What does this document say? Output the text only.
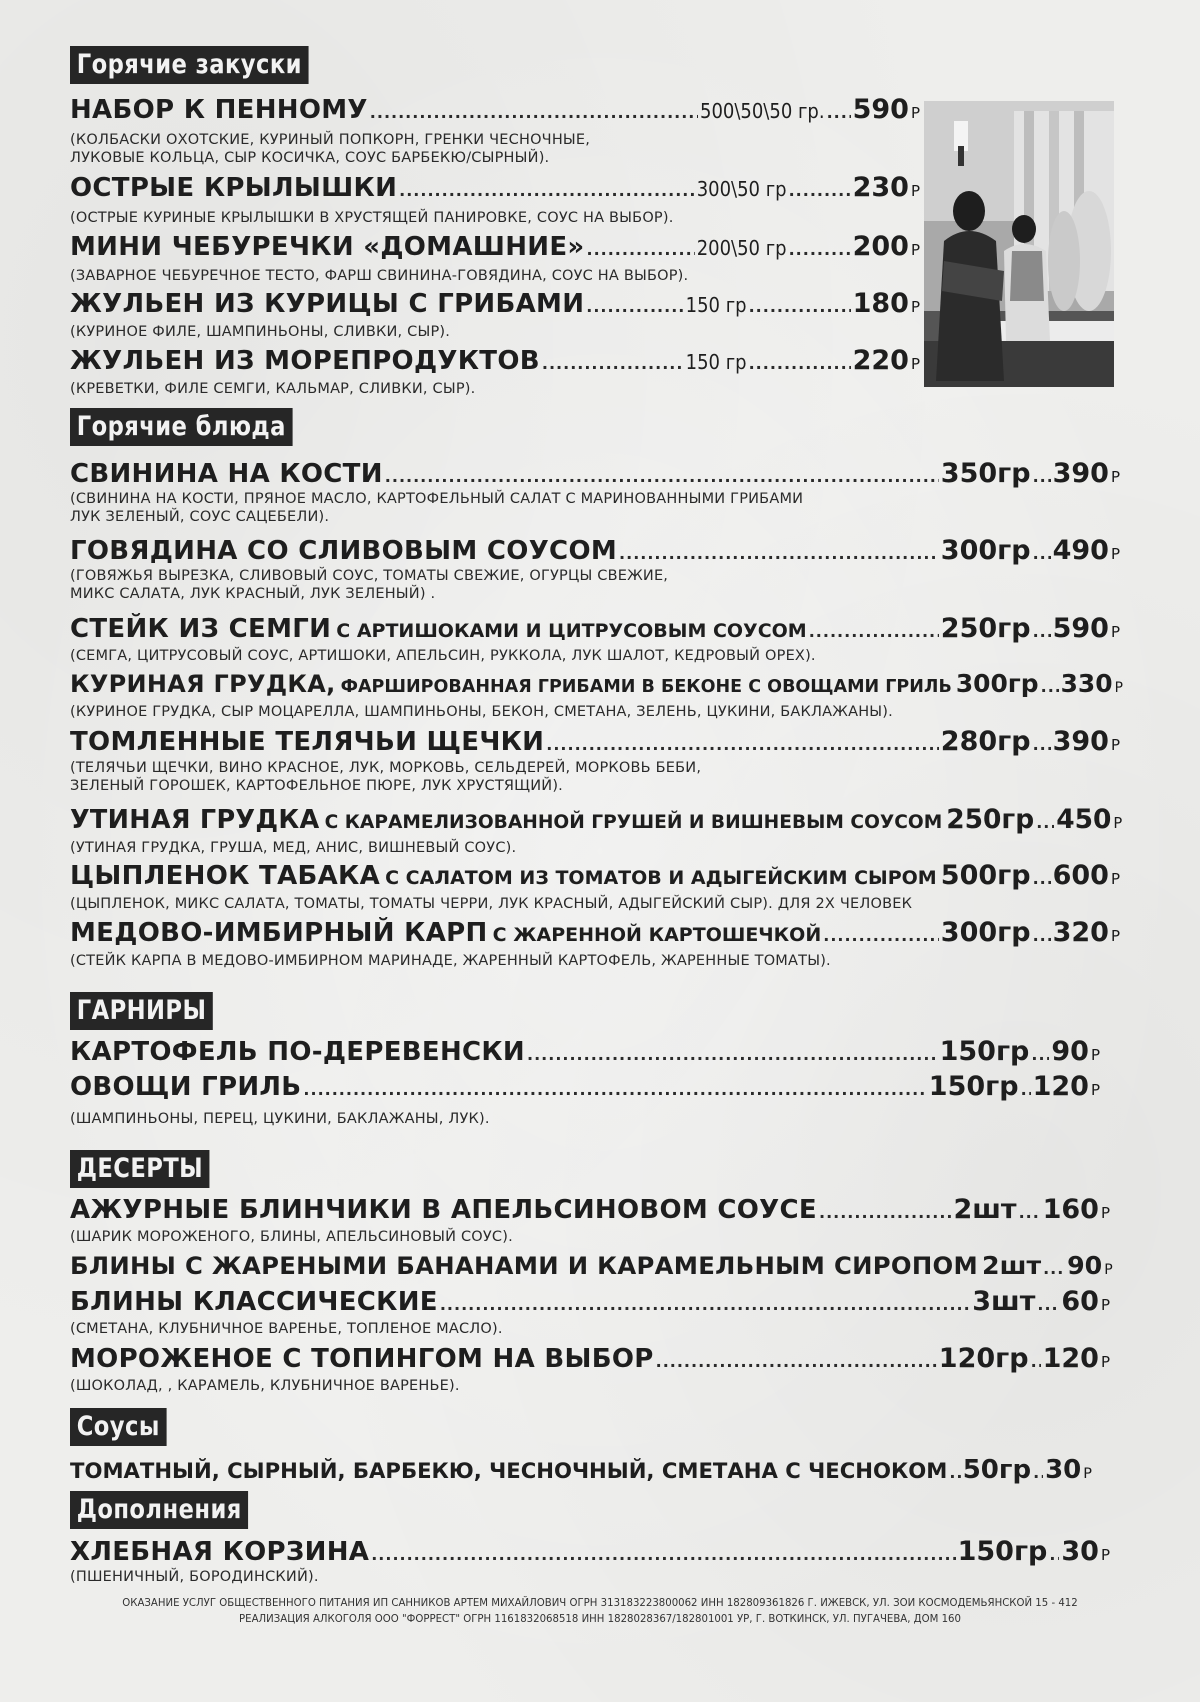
Горячие закуски
НАБОР К ПЕННОМУ .....	500\50\50 гр. ..... 590 Р
(КОЛБАСКИ ОХОТСКИЕ, КУРИНЫЙ ПОПКОРН, ГРЕНКИ ЧЕСНОЧНЫЕ,
ЛУКОВЫЕ КОЛЬЦА, СЫР КОСИЧКА, СОУС БАРБЕКЮ/СЫРНЫЙ).
ОСТРЫЕ КРЫЛЫШКИ .....	300\50 гр ..... 230 Р
(ОСТРЫЕ КУРИНЫЕ КРЫЛЫШКИ В ХРУСТЯЩЕЙ ПАНИРОВКЕ, СОУС НА ВЫБОР).
МИНИ ЧЕБУРЕЧКИ «ДОМАШНИЕ» .....	200\50 гр ..... 200 Р
(ЗАВАРНОЕ ЧЕБУРЕЧНОЕ ТЕСТО, ФАРШ СВИНИНА-ГОВЯДИНА, СОУС НА ВЫБОР).
ЖУЛЬЕН ИЗ КУРИЦЫ С ГРИБАМИ .....	150 гр .....	180 Р
(КУРИНОЕ ФИЛЕ, ШАМПИНЬОНЫ, СЛИВКИ, СЫР).
ЖУЛЬЕН ИЗ МОРЕПРОДУКТОВ .....	150 гр .....	220 Р
(КРЕВЕТКИ, ФИЛЕ СЕМГИ, КАЛЬМАР, СЛИВКИ, СЫР).
Горячие блюда
СВИНИНА НА КОСТИ .....	350гр ..... 390 Р
(СВИНИНА НА КОСТИ, ПРЯНОЕ МАСЛО, КАРТОФЕЛЬНЫЙ САЛАТ С МАРИНОВАННЫМИ ГРИБАМИ
ЛУК ЗЕЛЕНЫЙ, СОУС САЦЕБЕЛИ).
ГОВЯДИНА СО СЛИВОВЫМ СОУСОМ .....	300гр ..... 490 Р
(ГОВЯЖЬЯ ВЫРЕЗКА, СЛИВОВЫЙ СОУС, ТОМАТЫ СВЕЖИЕ, ОГУРЦЫ СВЕЖИЕ,
МИКС САЛАТА, ЛУК КРАСНЫЙ, ЛУК ЗЕЛЕНЫЙ) .
СТЕЙК ИЗ СЕМГИ
С АРТИШОКАМИ И ЦИТРУСОВЫМ СОУСОМ .....	250гр ..... 590 Р
(СЕМГА, ЦИТРУСОВЫЙ СОУС, АРТИШОКИ, АПЕЛЬСИН, РУККОЛА, ЛУК ШАЛОТ, КЕДРОВЫЙ ОРЕХ).
КУРИНАЯ ГРУДКА,
ФАРШИРОВАННАЯ ГРИБАМИ В БЕКОНЕ С ОВОЩАМИ ГРИЛЬ 300гр ..... 330 Р
(КУРИНОЕ ГРУДКА, СЫР МОЦАРЕЛЛА, ШАМПИНЬОНЫ, БЕКОН, СМЕТАНА, ЗЕЛЕНЬ, ЦУКИНИ, БАКЛАЖАНЫ).
ТОМЛЕННЫЕ ТЕЛЯЧЬИ ЩЕЧКИ .....	280гр ..... 390 Р
(ТЕЛЯЧЬИ ЩЕЧКИ, ВИНО КРАСНОЕ, ЛУК, МОРКОВЬ, СЕЛЬДЕРЕЙ, МОРКОВЬ БЕБИ,
ЗЕЛЕНЫЙ ГОРОШЕК, КАРТОФЕЛЬНОЕ ПЮРЕ, ЛУК ХРУСТЯЩИЙ).
УТИНАЯ ГРУДКА
С КАРАМЕЛИЗОВАННОЙ ГРУШЕЙ И ВИШНЕВЫМ СОУСОМ 250гр ..... 450 Р
(УТИНАЯ ГРУДКА, ГРУША, МЕД, АНИС, ВИШНЕВЫЙ СОУС).
ЦЫПЛЕНОК ТАБАКА
С САЛАТОМ ИЗ ТОМАТОВ И АДЫГЕЙСКИМ СЫРОМ ..... 500гр ..... 600 Р
(ЦЫПЛЕНОК, МИКС САЛАТА, ТОМАТЫ, ТОМАТЫ ЧЕРРИ, ЛУК КРАСНЫЙ, АДЫГЕЙСКИЙ СЫР). ДЛЯ 2Х ЧЕЛОВЕК
МЕДОВО-ИМБИРНЫЙ КАРП
С ЖАРЕННОЙ КАРТОШЕЧКОЙ .....	300гр ..... 320 Р
(СТЕЙК КАРПА В МЕДОВО-ИМБИРНОМ МАРИНАДЕ, ЖАРЕННЫЙ КАРТОФЕЛЬ, ЖАРЕННЫЕ ТОМАТЫ).
ГАРНИРЫ
КАРТОФЕЛЬ ПО-ДЕРЕВЕНСКИ .....	150гр ..... 90 Р
ОВОЩИ ГРИЛЬ .....	150гр ..... 120 Р
(ШАМПИНЬОНЫ, ПЕРЕЦ, ЦУКИНИ, БАКЛАЖАНЫ, ЛУК).
ДЕСЕРТЫ
АЖУРНЫЕ БЛИНЧИКИ В АПЕЛЬСИНОВОМ СОУСЕ .....	2шт ..... 160 Р
(ШАРИК МОРОЖЕНОГО, БЛИНЫ, АПЕЛЬСИНОВЫЙ СОУС).
БЛИНЫ С ЖАРЕНЫМИ БАНАНАМИ И КАРАМЕЛЬНЫМ СИРОПОМ 2шт ..... 90 Р
БЛИНЫ КЛАССИЧЕСКИЕ .....	3шт ..... 60 Р
(СМЕТАНА, КЛУБНИЧНОЕ ВАРЕНЬЕ, ТОПЛЕНОЕ МАСЛО).
МОРОЖЕНОЕ С ТОПИНГОМ НА ВЫБОР .....	120гр ..... 120 Р
(ШОКОЛАД, , КАРАМЕЛЬ, КЛУБНИЧНОЕ ВАРЕНЬЕ).
Соусы
ТОМАТНЫЙ, СЫРНЫЙ, БАРБЕКЮ, ЧЕСНОЧНЫЙ, СМЕТАНА С ЧЕСНОКОМ ..... 50гр ..... 30 Р
Дополнения
ХЛЕБНАЯ КОРЗИНА .....	150гр ..... 30 Р
(ПШЕНИЧНЫЙ, БОРОДИНСКИЙ).
ОКАЗАНИЕ УСЛУГ ОБЩЕСТВЕННОГО ПИТАНИЯ ИП САННИКОВ АРТЕМ МИХАЙЛОВИЧ ОГРН 313183223800062 ИНН 182809361826 Г. ИЖЕВСК, УЛ. ЗОИ КОСМОДЕМЬЯНСКОЙ 15 - 412
РЕАЛИЗАЦИЯ АЛКОГОЛЯ ООО "ФОРРЕСТ" ОГРН 1161832068518 ИНН 1828028367/182801001 УР, Г. ВОТКИНСК, УЛ. ПУГАЧЕВА, ДОМ 160
